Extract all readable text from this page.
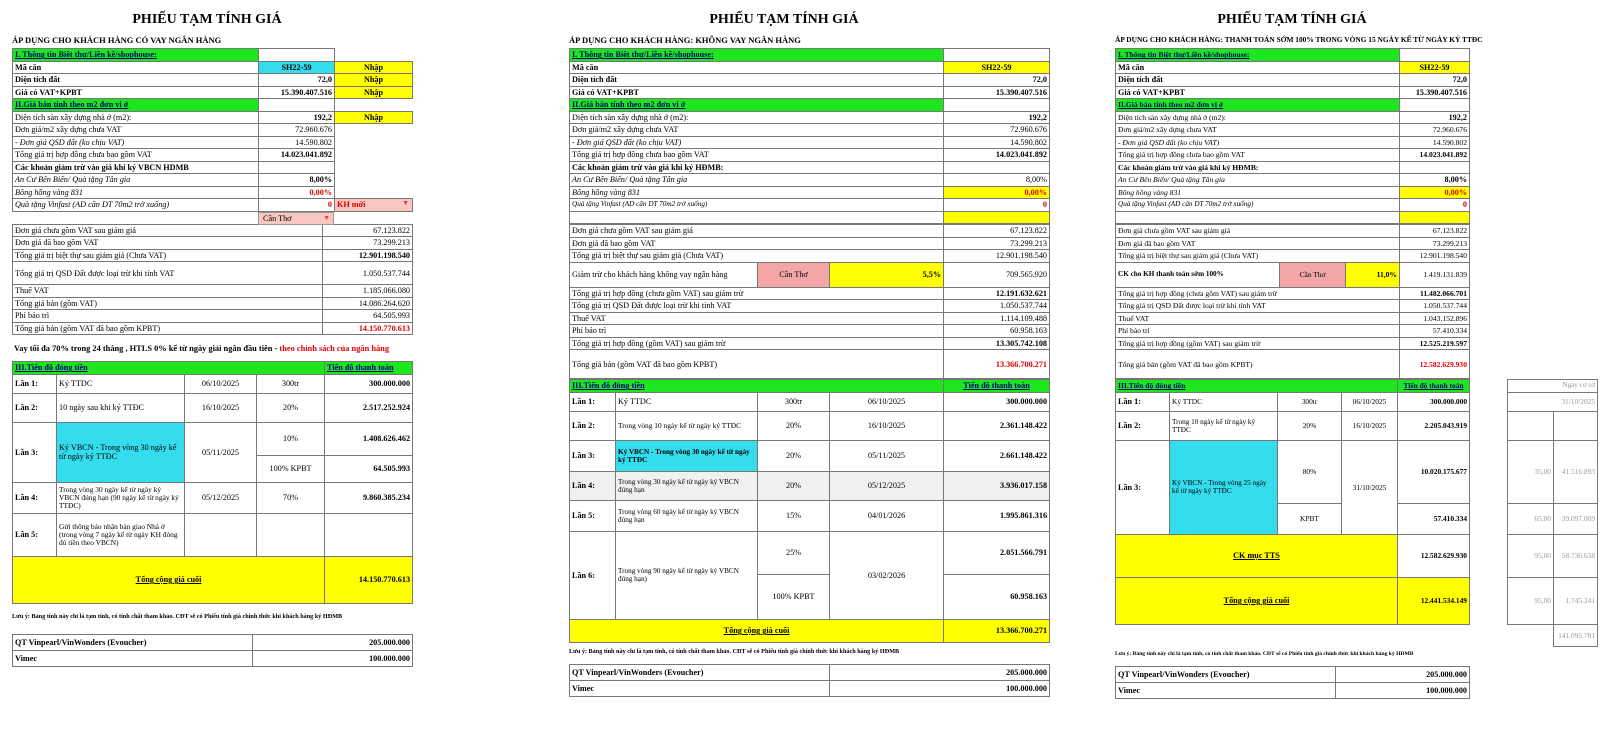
PHIẾU TẠM TÍNH GIÁ
ÁP DỤNG CHO KHÁCH HÀNG CÓ VAY NGÂN HÀNG
I. Thông tin Biệt thự/Liền kề/shophouse:		
Mã căn	SH22-59	Nhập
Diện tích đất	72,0	Nhập
Giá có VAT+KPBT	15.390.407.516	Nhập
II.Giá bán tính theo m2 đơn vị ở		
Diện tích sàn xây dựng nhà ở (m2):	192,2	Nhập
Đơn giá/m2 xây dựng chưa VAT	72.960.676	
- Đơn giá QSD đất (ko chịu VAT)	14.590.802	
Tổng giá trị hợp đồng chưa bao gồm VAT	14.023.041.892	
Các khoản giảm trừ vào giá khi ký VBCN HDMB		
An Cư Bên Biển/ Quà tặng Tân gia	8,00%	
Bông hồng vàng 831	0,00%	
Quà tặng Vinfast (AD căn DT 70m2 trở xuống)	0	KH mới ▼
Cần Thơ	▼
Đơn giá chưa gồm VAT sau giảm giá	67.123.822
Đơn giá đã bao gồm VAT	73.299.213
Tổng giá trị biệt thự sau giảm giá (Chưa VAT)	12.901.198.540
Tổng giá trị QSD Đất được loại trừ khi tính VAT	1.050.537.744
Thuế VAT	1.185.066.080
Tổng giá bán (gồm VAT)	14.086.264.620
Phí bảo trì	64.505.993
Tổng giá bán (gồm VAT đã bao gồm KPBT)	14.150.770.613
Vay tối đa 70% trong 24 tháng , HTLS 0% kể từ ngày giải ngân đầu tiên - theo chính sách của ngân hàng
III.Tiến độ đóng tiền				Tiến độ thanh toán
Lần 1:	Ký TTDC	06/10/2025	300tr	300.000.000
Lần 2:	10 ngày sau khi ký TTĐC	16/10/2025	20%	2.517.252.924
Lần 3:	Ký VBCN - Trong vòng 30 ngày kể từ ngày ký TTĐC	05/11/2025	10%	1.408.626.462
			100% KPBT	64.505.993
Lần 4:	Trong vòng 30 ngày kể từ ngày ký VBCN đúng hạn (90 ngày kể từ ngày ký TTĐC)	05/12/2025	70%	9.860.385.234
Lần 5:	Gửi thông báo nhận bàn giao Nhà ở (trong vòng 7 ngày kể từ ngày KH đóng đủ tiền theo VBCN)			
Tổng cộng giá cuối				14.150.770.613
Lưu ý: Bảng tính này chỉ là tạm tính, có tính chất tham khảo. CĐT sẽ có Phiếu tính giá chính thức khi khách hàng ký HĐMB
QT Vinpearl/VinWonders (Evoucher)	205.000.000
Vimec	100.000.000
PHIẾU TẠM TÍNH GIÁ
ÁP DỤNG CHO KHÁCH HÀNG: KHÔNG VAY NGÂN HÀNG
I. Thông tin Biệt thự/Liền kề/shophouse:		
Mã căn	SH22-59	
Diện tích đất	72,0	
Giá có VAT+KPBT	15.390.407.516	
II.Giá bán tính theo m2 đơn vị ở		
Diện tích sàn xây dựng nhà ở (m2):	192,2	
Đơn giá/m2 xây dựng chưa VAT	72.960.676	
- Đơn giá QSD đất (ko chịu VAT)	14.590.802	
Tổng giá trị hợp đồng chưa bao gồm VAT	14.023.041.892	
Các khoản giảm trừ vào giá khi ký HĐMB:		
An Cư Bên Biển/ Quà tặng Tân gia	8,00%	
Bông hồng vàng 831	0,00%	
Quà tặng Vinfast (AD căn DT 70m2 trở xuống)	0	

Đơn giá chưa gồm VAT sau giảm giá			67.123.822
Đơn giá đã bao gồm VAT			73.299.213
Tổng giá trị biệt thự sau giảm giá (Chưa VAT)			12.901.198.540
Giảm trừ cho khách hàng không vay ngân hàng	Cần Thơ	5,5%	709.565.920
Tổng giá trị hợp đồng (chưa gồm VAT) sau giảm trừ			12.191.632.621
Tổng giá trị QSD Đất được loại trừ khi tính VAT			1.050.537.744
Thuế VAT			1.114.109.488
Phí bảo trì			60.958.163
Tổng giá trị hợp đồng (gồm VAT) sau giảm trừ			13.305.742.108
Tổng giá bán (gồm VAT đã bao gồm KPBT)			13.366.700.271
III.Tiến độ đóng tiền				Tiến độ thanh toán
Lần 1:	Ký TTDC	300tr	06/10/2025	300.000.000
Lần 2:	Trong vòng 10 ngày kể từ ngày ký TTĐC	20%	16/10/2025	2.361.148.422
Lần 3:	Ký VBCN - Trong vòng 30 ngày kể từ ngày ký TTĐC	20%	05/11/2025	2.661.148.422
Lần 4:	Trong vòng 30 ngày kể từ ngày ký VBCN đúng hạn	20%	05/12/2025	3.936.017.158
Lần 5:	Trong vòng 60 ngày kể từ ngày ký VBCN đúng hạn	15%	04/01/2026	1.995.861.316
Lần 6:	Trong vòng 90 ngày kể từ ngày ký VBCN đúng hạn)	25%	03/02/2026	2.051.566.791
		100% KPBT		60.958.163
Tổng cộng giá cuối				13.366.700.271
Lưu ý: Bảng tính này chỉ là tạm tính, có tính chất tham khảo. CĐT sẽ có Phiếu tính giá chính thức khi khách hàng ký HĐMB
QT Vinpearl/VinWonders (Evoucher)	205.000.000	
Vimec	100.000.000	
PHIẾU TẠM TÍNH GIÁ
ÁP DỤNG CHO KHÁCH HÀNG: THANH TOÁN SỚM 100% TRONG VÒNG 15 NGÀY KỂ TỪ NGÀY KÝ TTĐC
I. Thông tin Biệt thự/Liền kề/shophouse:	
Mã căn	SH22-59
Diện tích đất	72,0
Giá có VAT+KPBT	15.390.407.516
II.Giá bán tính theo m2 đơn vị ở	
Diện tích sàn xây dựng nhà ở (m2):	192,2
Đơn giá/m2 xây dựng chưa VAT	72.960.676
- Đơn giá QSD đất (ko chịu VAT)	14.590.802
Tổng giá trị hợp đồng chưa bao gồm VAT	14.023.041.892
Các khoản giảm trừ vào giá khi ký HĐMB:	
An Cư Bên Biển/ Quà tặng Tân gia	8,00%
Bông hồng vàng 831	0,00%
Quà tặng Vinfast (AD căn DT 70m2 trở xuống)	0

Đơn giá chưa gồm VAT sau giảm giá			67.123.822
Đơn giá đã bao gồm VAT			73.299.213
Tổng giá trị biệt thự sau giảm giá (Chưa VAT)			12.901.198.540
CK cho KH thanh toán sớm 100%	Cần Thơ	11,0%	1.419.131.839
Tổng giá trị hợp đồng (chưa gồm VAT) sau giảm trừ			11.482.066.701
Tổng giá trị QSD Đất được loại trừ khi tính VAT			1.050.537.744
Thuế VAT			1.043.152.896
Phí bảo trì			57.410.334
Tổng giá trị hợp đồng (gồm VAT) sau giảm trừ			12.525.219.597
Tổng giá bán (gồm VAT đã bao gồm KPBT)			12.582.629.930
III.Tiến độ đóng tiền				Tiến độ thanh toán		Ngày cơ sở	
Lần 1:	Ký TTDC	300tr	06/10/2025	300.000.000		31/10/2025	
Lần 2:	Trong 10 ngày kể từ ngày ký TTĐC	20%	16/10/2025	2.205.043.919			
Lần 3:	Ký VBCN - Trong vòng 25 ngày kể từ ngày ký TTĐC	80%	31/10/2025	10.020.175.677		35,00	41.516.893
		KPBT		57.410.334		65,00	39.097.009
CK mục TTS				12.582.629.930		95,00	58.736.638
Tổng cộng giá cuối				12.441.534.149		95,00	1.745.241
							141.095.781
Lưu ý: Bảng tính này chỉ là tạm tính, có tính chất tham khảo. CĐT sẽ có Phiếu tính giá chính thức khi khách hàng ký HĐMB
QT Vinpearl/VinWonders (Evoucher)	205.000.000
Vimec	100.000.000
